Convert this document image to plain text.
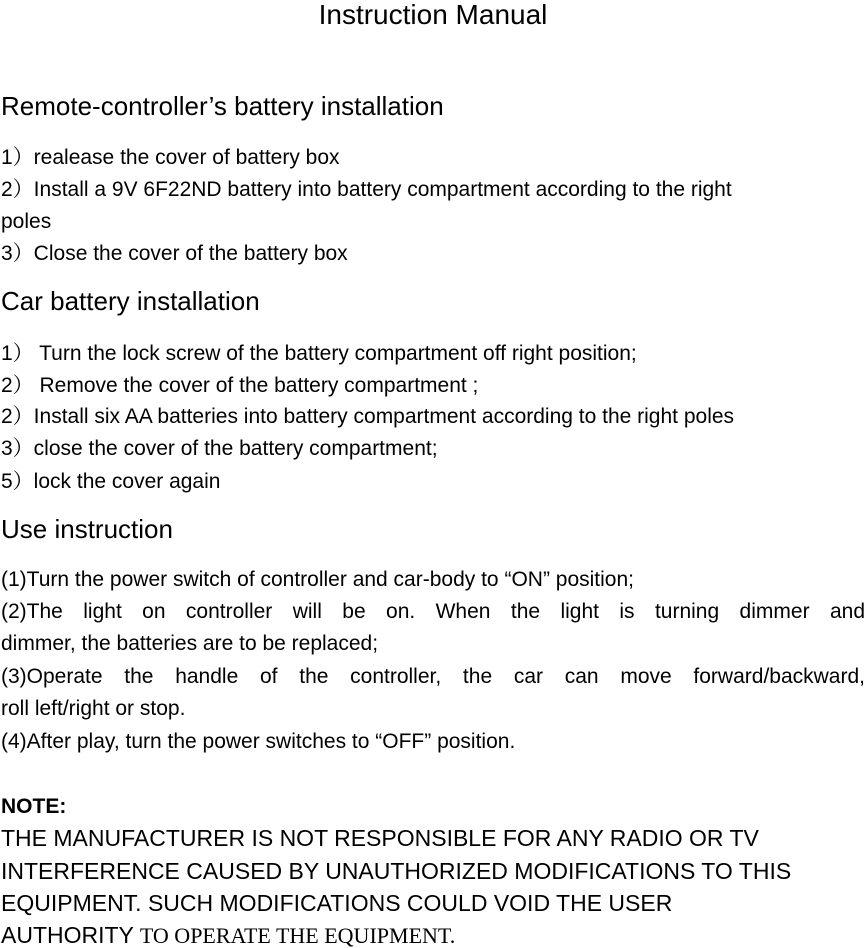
Instruction Manual
Remote-controller’s battery installation
1）realease the cover of battery box
2）Install a 9V 6F22ND battery into battery compartment according to the right
poles
3）Close the cover of the battery box
Car battery installation
1） Turn the lock screw of the battery compartment off right position;
2） Remove the cover of the battery compartment ;
2）Install six AA batteries into battery compartment according to the right poles
3）close the cover of the battery compartment;
5）lock the cover again
Use instruction
(1)Turn the power switch of controller and car-body to “ON” position;
(2)The light on controller will be on. When the light is turning dimmer and
dimmer, the batteries are to be replaced;
(3)Operate the handle of the controller, the car can move forward/backward,
roll left/right or stop.
(4)After play, turn the power switches to “OFF” position.
NOTE:
THE MANUFACTURER IS NOT RESPONSIBLE FOR ANY RADIO OR TV
INTERFERENCE CAUSED BY UNAUTHORIZED MODIFICATIONS TO THIS
EQUIPMENT. SUCH MODIFICATIONS COULD VOID THE USER
AUTHORITY TO OPERATE THE EQUIPMENT.
